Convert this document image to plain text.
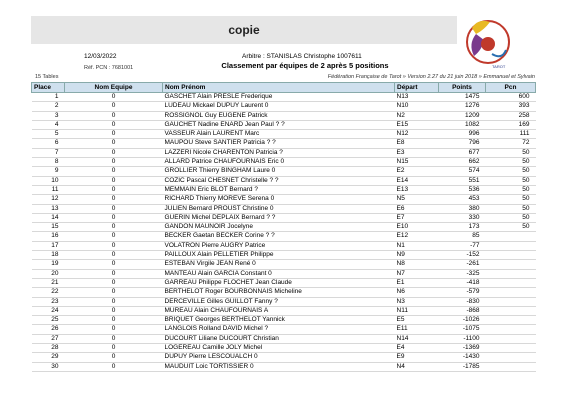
copie
12/03/2022	Arbitre : STANISLAS Christophe 1007611
Réf. PCN : 7681001	Classement par équipes de 2 après 5 positions
Fédération Française de Tarot » Version 2.27 du 21 juin 2018 » Emmanuel et Sylvain
15 Tables
TAROT
Place	Nom Equipe	Nom Prénom	Départ	Points	Pcn
1	0	GASCHET Alain PRESLE Frederique	N13	1475	600
2	0	LUDEAU Mickael DUPUY Laurent 0	N10	1276	393
3	0	ROSSIGNOL Guy EUGENE Patrick	N2	1209	258
4	0	GAUCHET Nadine ENARD Jean Paul ? ?	E15	1082	169
5	0	VASSEUR Alain LAURENT Marc	N12	996	111
6	0	MAUPOU Steve SANTIER Patricia ? ?	E8	796	72
7	0	LAZZERI Nicole CHARENTON Patricia ?	E3	677	50
8	0	ALLARD Patrice CHAUFOURNAIS Eric 0	N15	662	50
9	0	GROLLIER Thierry BINGHAM Laure 0	E2	574	50
10	0	COZIC Pascal CHESNET Christelle ? ?	E14	551	50
11	0	MEMMAIN Eric BLOT Bernard ?	E13	536	50
12	0	RICHARD Thierry MOREVE Serena 0	N5	453	50
13	0	JULIEN Bernard PROUST Christine 0	E6	380	50
14	0	GUERIN Michel DEPLAIX Bernard ? ?	E7	330	50
15	0	GANDON MAUNOIR Jocelyne	E10	173	50
16	0	BECKER Gaetan BECKER Corine ? ?	E12	85	
17	0	VOLATRON Pierre AUGRY Patrice	N1	-77	
18	0	PAILLOUX Alain PELLETIER Philippe	N9	-152	
19	0	ESTEBAN Virgile JEAN René 0	N8	-261	
20	0	MANTEAU Alain GARCIA Constant 0	N7	-325	
21	0	GARREAU Philippe FLOCHET Jean Claude	E1	-418	
22	0	BERTHELOT Roger BOURBONNAIS Micheline	N6	-579	
23	0	DERCEVILLE Gilles GUILLOT Fanny ?	N3	-830	
24	0	MUREAU Alain CHAUFOURNAIS A	N11	-868	
25	0	BRIQUET Georges BERTHELOT Yannick	E5	-1026	
26	0	LANGLOIS Rolland DAVID Michel ?	E11	-1075	
27	0	DUCOURT Liliane DUCOURT Christian	N14	-1100	
28	0	LOGEREAU Camille JOLY Michel	E4	-1369	
29	0	DUPUY Pierre LESCOUALCH 0	E9	-1430	
30	0	MAUDUIT Loic TORTISSIER 0	N4	-1785	
